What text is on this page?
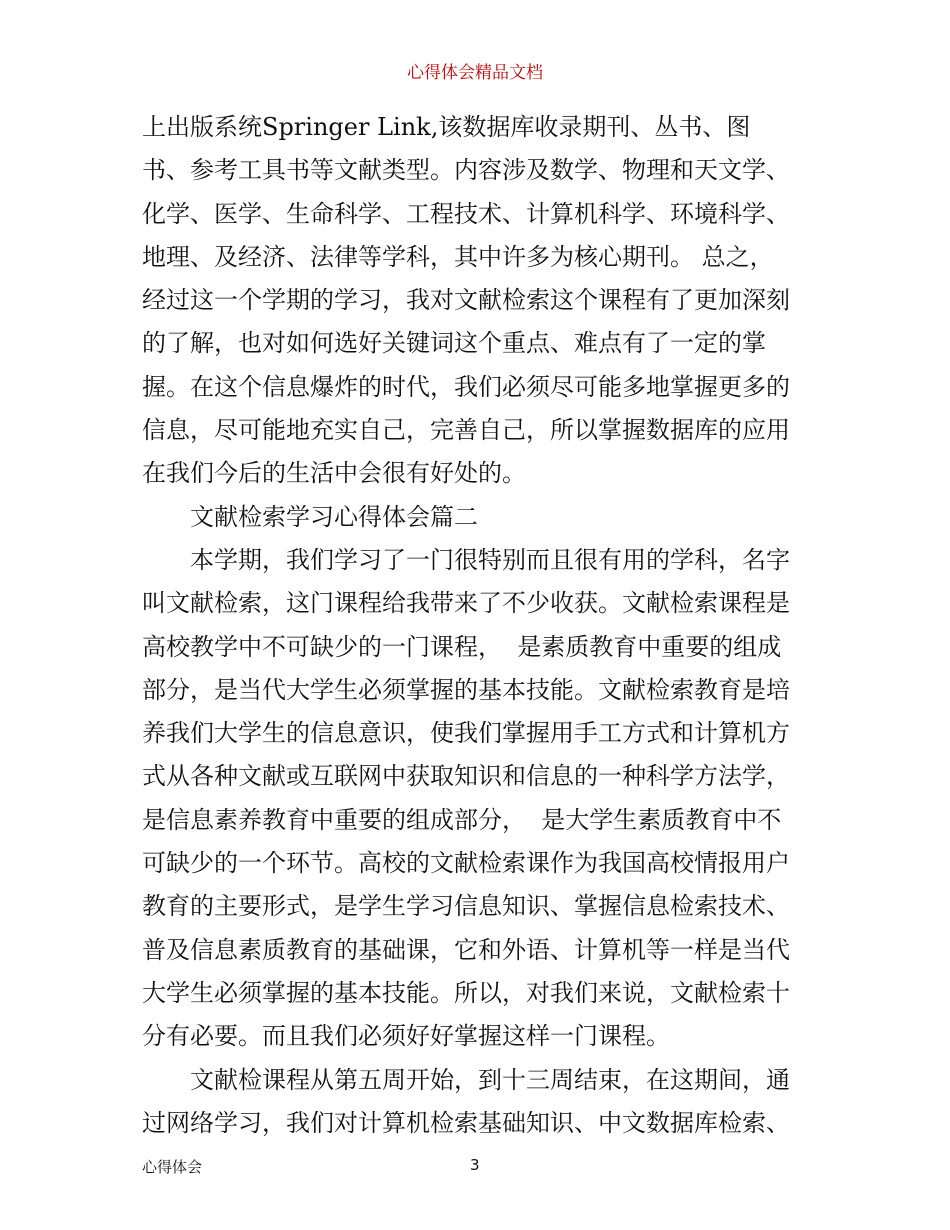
心得体会精品文档
上出版系统Springer Link,该数据库收录期刊、丛书、图
书、参考工具书等文献类型。内容涉及数学、物理和天文学、
化学、医学、生命科学、工程技术、计算机科学、环境科学、
地理、及经济、法律等学科，其中许多为核心期刊。 总之，
经过这一个学期的学习，我对文献检索这个课程有了更加深刻
的了解，也对如何选好关键词这个重点、难点有了一定的掌
握。在这个信息爆炸的时代，我们必须尽可能多地掌握更多的
信息，尽可能地充实自己，完善自己，所以掌握数据库的应用
在我们今后的生活中会很有好处的。
文献检索学习心得体会篇二
本学期，我们学习了一门很特别而且很有用的学科，名字
叫文献检索，这门课程给我带来了不少收获。文献检索课程是
高校教学中不可缺少的一门课程，  是素质教育中重要的组成
部分，是当代大学生必须掌握的基本技能。文献检索教育是培
养我们大学生的信息意识，使我们掌握用手工方式和计算机方
式从各种文献或互联网中获取知识和信息的一种科学方法学，
是信息素养教育中重要的组成部分，  是大学生素质教育中不
可缺少的一个环节。高校的文献检索课作为我国高校情报用户
教育的主要形式，是学生学习信息知识、掌握信息检索技术、
普及信息素质教育的基础课，它和外语、计算机等一样是当代
大学生必须掌握的基本技能。所以，对我们来说，文献检索十
分有必要。而且我们必须好好掌握这样一门课程。
文献检课程从第五周开始，到十三周结束，在这期间，通
过网络学习，我们对计算机检索基础知识、中文数据库检索、
心得体会	3
